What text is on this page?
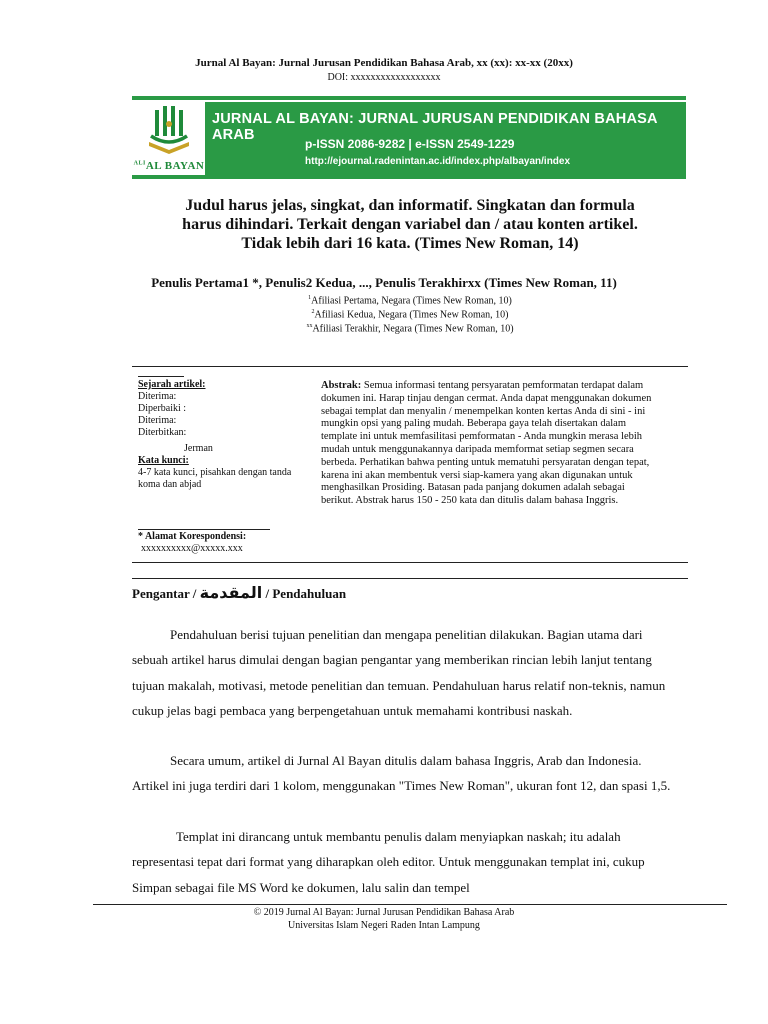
Jurnal Al Bayan: Jurnal Jurusan Pendidikan Bahasa Arab, xx (xx): xx-xx (20xx)
DOI: xxxxxxxxxxxxxxxxxx
$^{ALI}$AL BAYAN
JURNAL AL BAYAN: JURNAL JURUSAN PENDIDIKAN BAHASA ARAB
p-ISSN 2086-9282 | e-ISSN 2549-1229
http://ejournal.radenintan.ac.id/index.php/albayan/index
Judul harus jelas, singkat, dan informatif. Singkatan dan formula
harus dihindari. Terkait dengan variabel dan / atau konten artikel.
Tidak lebih dari 16 kata. (Times New Roman, 14)
Penulis Pertama1 *, Penulis2 Kedua, ..., Penulis Terakhirxx (Times New Roman, 11)
$^1$Afiliasi Pertama, Negara (Times New Roman, 10)
$^2$Afiliasi Kedua, Negara (Times New Roman, 10)
$^{xx}$Afiliasi Terakhir, Negara (Times New Roman, 10)
Sejarah artikel:
Diterima:
Diperbaiki :
Diterima:
Diterbitkan:
Jerman
Kata kunci:
4-7 kata kunci, pisahkan dengan tanda koma dan abjad
* Alamat Korespondensi:
xxxxxxxxxx@xxxxx.xxx
Abstrak: Semua informasi tentang persyaratan pemformatan terdapat dalam dokumen ini. Harap tinjau dengan cermat. Anda dapat menggunakan dokumen sebagai templat dan menyalin / menempelkan konten kertas Anda di sini - ini mungkin opsi yang paling mudah. Beberapa gaya telah disertakan dalam template ini untuk memfasilitasi pemformatan - Anda mungkin merasa lebih mudah untuk menggunakannya daripada memformat setiap segmen secara berbeda. Perhatikan bahwa penting untuk mematuhi persyaratan dengan tepat, karena ini akan membentuk versi siap-kamera yang akan digunakan untuk menghasilkan Prosiding. Batasan pada panjang dokumen adalah sebagai berikut. Abstrak harus 150 - 250 kata dan ditulis dalam bahasa Inggris.
Pengantar / المقدمة / Pendahuluan
Pendahuluan berisi tujuan penelitian dan mengapa penelitian dilakukan. Bagian utama dari sebuah artikel harus dimulai dengan bagian pengantar yang memberikan rincian lebih lanjut tentang tujuan makalah, motivasi, metode penelitian dan temuan. Pendahuluan harus relatif non-teknis, namun cukup jelas bagi pembaca yang berpengetahuan untuk memahami kontribusi naskah.
Secara umum, artikel di Jurnal Al Bayan ditulis dalam bahasa Inggris, Arab dan Indonesia. Artikel ini juga terdiri dari 1 kolom, menggunakan "Times New Roman", ukuran font 12, dan spasi 1,5.
Templat ini dirancang untuk membantu penulis dalam menyiapkan naskah; itu adalah representasi tepat dari format yang diharapkan oleh editor. Untuk menggunakan templat ini, cukup Simpan sebagai file MS Word ke dokumen, lalu salin dan tempel
© 2019 Jurnal Al Bayan: Jurnal Jurusan Pendidikan Bahasa Arab
Universitas Islam Negeri Raden Intan Lampung
